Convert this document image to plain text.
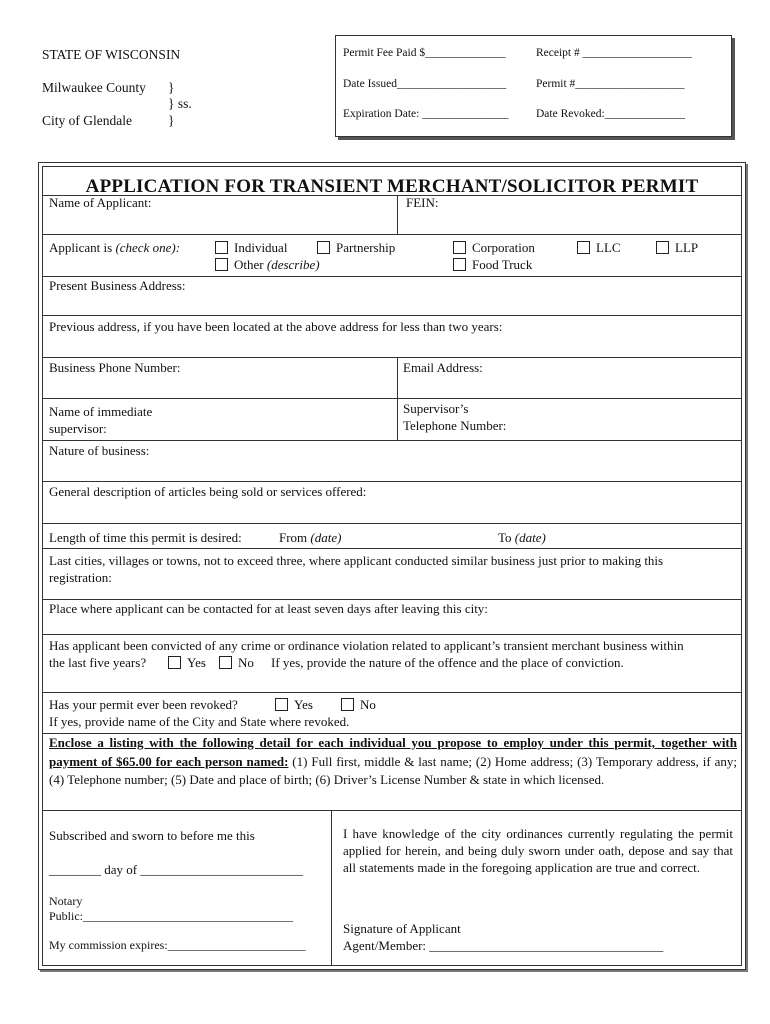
STATE OF WISCONSIN
Milwaukee County
City of Glendale
}
} ss.
}
Permit Fee Paid $______________	Receipt # ___________________
Date Issued___________________	Permit #___________________
Expiration Date: _______________ Date Revoked:______________
APPLICATION FOR TRANSIENT MERCHANT/SOLICITOR PERMIT
Name of Applicant:	FEIN:
Applicant is (check one):	Individual	Partnership	Corporation	LLC	LLP
Other (describe)	Food Truck
Present Business Address:
Previous address, if you have been located at the above address for less than two years:
Business Phone Number:	Email Address:
Name of immediate
supervisor:
Supervisor’s
Telephone Number:
Nature of business:
General description of articles being sold or services offered:
Length of time this permit is desired:	From (date)	To (date)
Last cities, villages or towns, not to exceed three, where applicant conducted similar business just prior to making this
registration:
Place where applicant can be contacted for at least seven days after leaving this city:
Has applicant been convicted of any crime or ordinance violation related to applicant’s transient merchant business within
the last five years?	Yes	No If yes, provide the nature of the offence and the place of conviction.
Has your permit ever been revoked?	Yes	No
If yes, provide name of the City and State where revoked.
Enclose a listing with the following detail for each individual you propose to employ under this permit, together with payment of $65.00 for each person named: (1) Full first, middle & last name; (2) Home address; (3) Temporary address, if any; (4) Telephone number; (5) Date and place of birth; (6) Driver’s License Number & state in which licensed.
Subscribed and sworn to before me this
________ day of _________________________
Notary
Public:___________________________________
My commission expires:_______________________
I have knowledge of the city ordinances currently regulating the permit applied for herein, and being duly sworn under oath, depose and say that all statements made in the foregoing application are true and correct.
Signature of Applicant
Agent/Member: ____________________________________
